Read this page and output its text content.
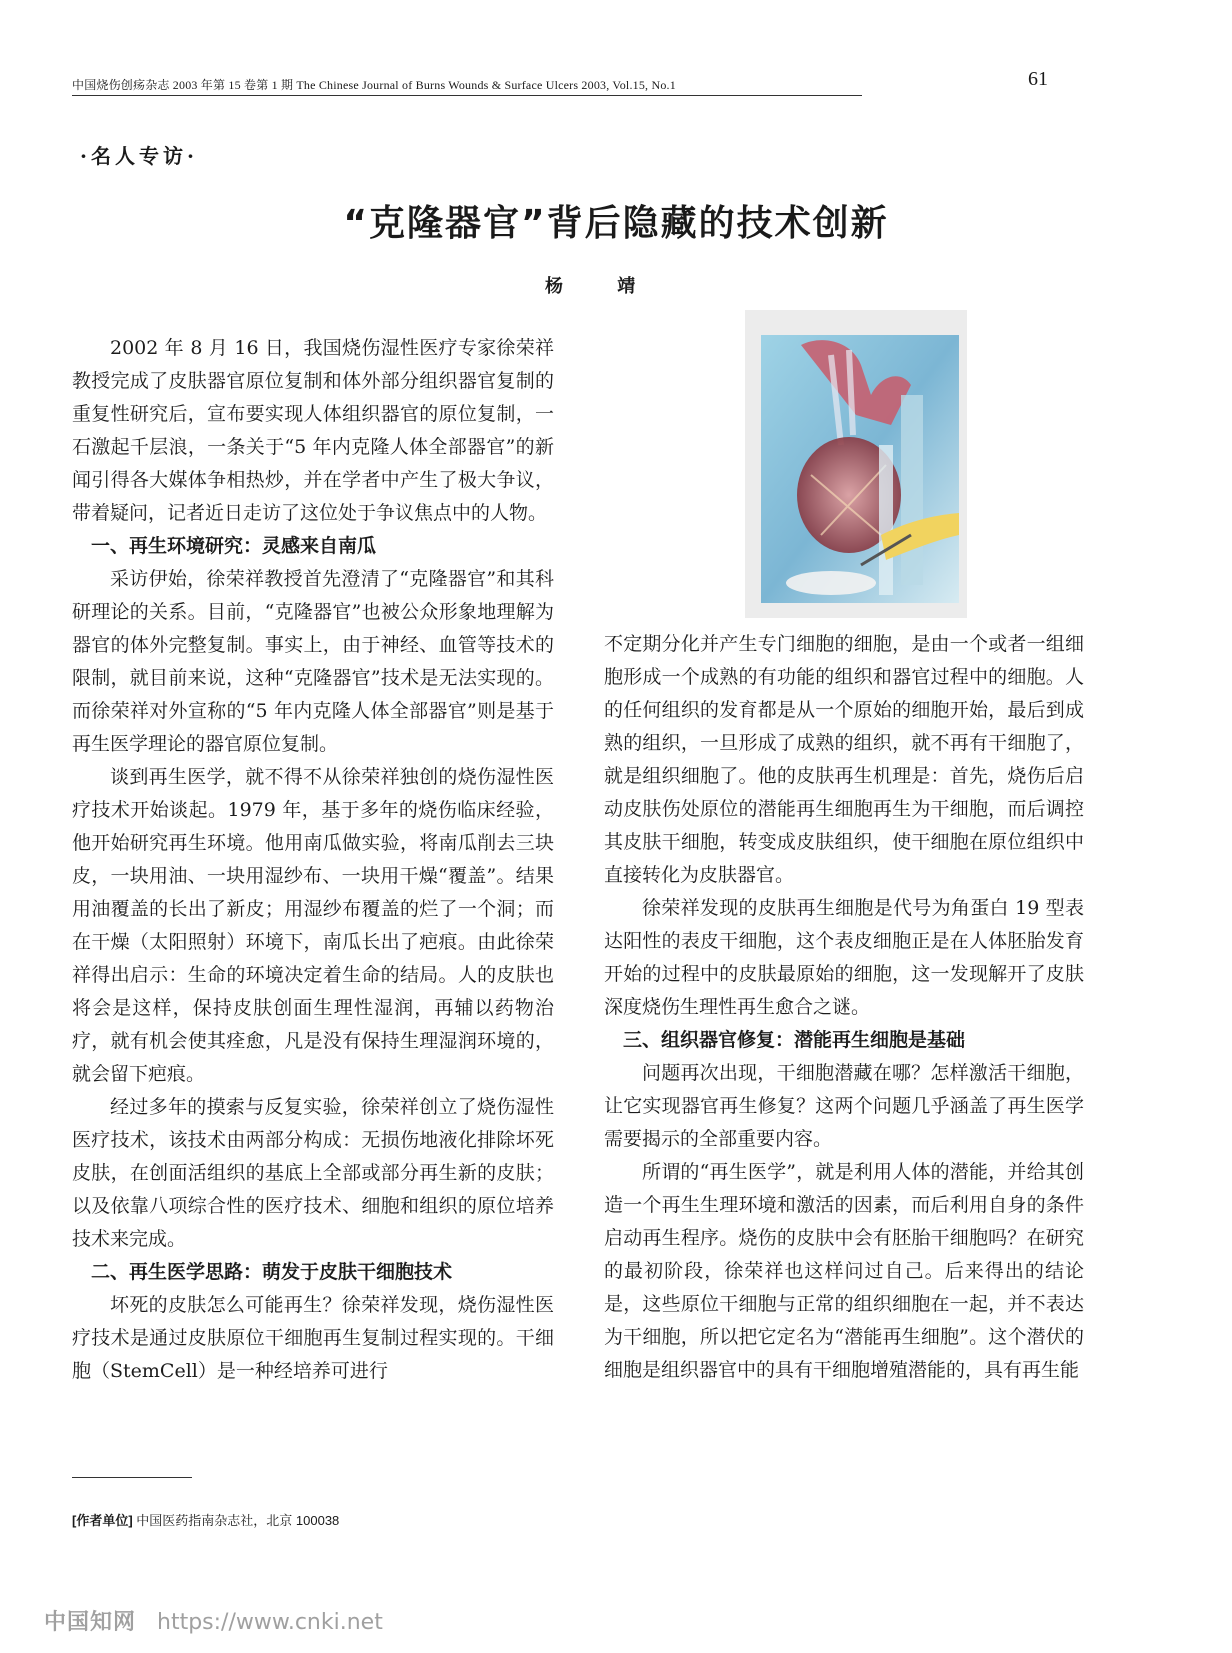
中国烧伤创疡杂志 2003 年第 15 卷第 1 期 The Chinese Journal of Burns Wounds & Surface Ulcers 2003, Vol.15, No.1	61
·名人专访·
“克隆器官”背后隐藏的技术创新
杨 靖

2002 年 8 月 16 日，我国烧伤湿性医疗专家徐荣祥教授完成了皮肤器官原位复制和体外部分组织器官复制的重复性研究后，宣布要实现人体组织器官的原位复制，一石激起千层浪，一条关于“5 年内克隆人体全部器官”的新闻引得各大媒体争相热炒，并在学者中产生了极大争议，带着疑问，记者近日走访了这位处于争议焦点中的人物。

一、再生环境研究：灵感来自南瓜

采访伊始，徐荣祥教授首先澄清了“克隆器官”和其科研理论的关系。目前，“克隆器官”也被公众形象地理解为器官的体外完整复制。事实上，由于神经、血管等技术的限制，就目前来说，这种“克隆器官”技术是无法实现的。而徐荣祥对外宣称的“5 年内克隆人体全部器官”则是基于再生医学理论的器官原位复制。

谈到再生医学，就不得不从徐荣祥独创的烧伤湿性医疗技术开始谈起。1979 年，基于多年的烧伤临床经验，他开始研究再生环境。他用南瓜做实验，将南瓜削去三块皮，一块用油、一块用湿纱布、一块用干燥“覆盖”。结果用油覆盖的长出了新皮；用湿纱布覆盖的烂了一个洞；而在干燥（太阳照射）环境下，南瓜长出了疤痕。由此徐荣祥得出启示：生命的环境决定着生命的结局。人的皮肤也将会是这样，保持皮肤创面生理性湿润，再辅以药物治疗，就有机会使其痊愈，凡是没有保持生理湿润环境的，就会留下疤痕。

经过多年的摸索与反复实验，徐荣祥创立了烧伤湿性医疗技术，该技术由两部分构成：无损伤地液化排除坏死皮肤，在创面活组织的基底上全部或部分再生新的皮肤；以及依靠八项综合性的医疗技术、细胞和组织的原位培养技术来完成。

二、再生医学思路：萌发于皮肤干细胞技术

坏死的皮肤怎么可能再生？徐荣祥发现，烧伤湿性医疗技术是通过皮肤原位干细胞再生复制过程实现的。干细胞（StemCell）是一种经培养可进行

不定期分化并产生专门细胞的细胞，是由一个或者一组细胞形成一个成熟的有功能的组织和器官过程中的细胞。人的任何组织的发育都是从一个原始的细胞开始，最后到成熟的组织，一旦形成了成熟的组织，就不再有干细胞了，就是组织细胞了。他的皮肤再生机理是：首先，烧伤后启动皮肤伤处原位的潜能再生细胞再生为干细胞，而后调控其皮肤干细胞，转变成皮肤组织，使干细胞在原位组织中直接转化为皮肤器官。

徐荣祥发现的皮肤再生细胞是代号为角蛋白 19 型表达阳性的表皮干细胞，这个表皮细胞正是在人体胚胎发育开始的过程中的皮肤最原始的细胞，这一发现解开了皮肤深度烧伤生理性再生愈合之谜。

三、组织器官修复：潜能再生细胞是基础

问题再次出现，干细胞潜藏在哪？怎样激活干细胞，让它实现器官再生修复？这两个问题几乎涵盖了再生医学需要揭示的全部重要内容。

所谓的“再生医学”，就是利用人体的潜能，并给其创造一个再生生理环境和激活的因素，而后利用自身的条件启动再生程序。烧伤的皮肤中会有胚胎干细胞吗？在研究的最初阶段，徐荣祥也这样问过自己。后来得出的结论是，这些原位干细胞与正常的组织细胞在一起，并不表达为干细胞，所以把它定名为“潜能再生细胞”。这个潜伏的细胞是组织器官中的具有干细胞增殖潜能的，具有再生能

[作者单位] 中国医药指南杂志社，北京 100038
中国知网 https://www.cnki.net
